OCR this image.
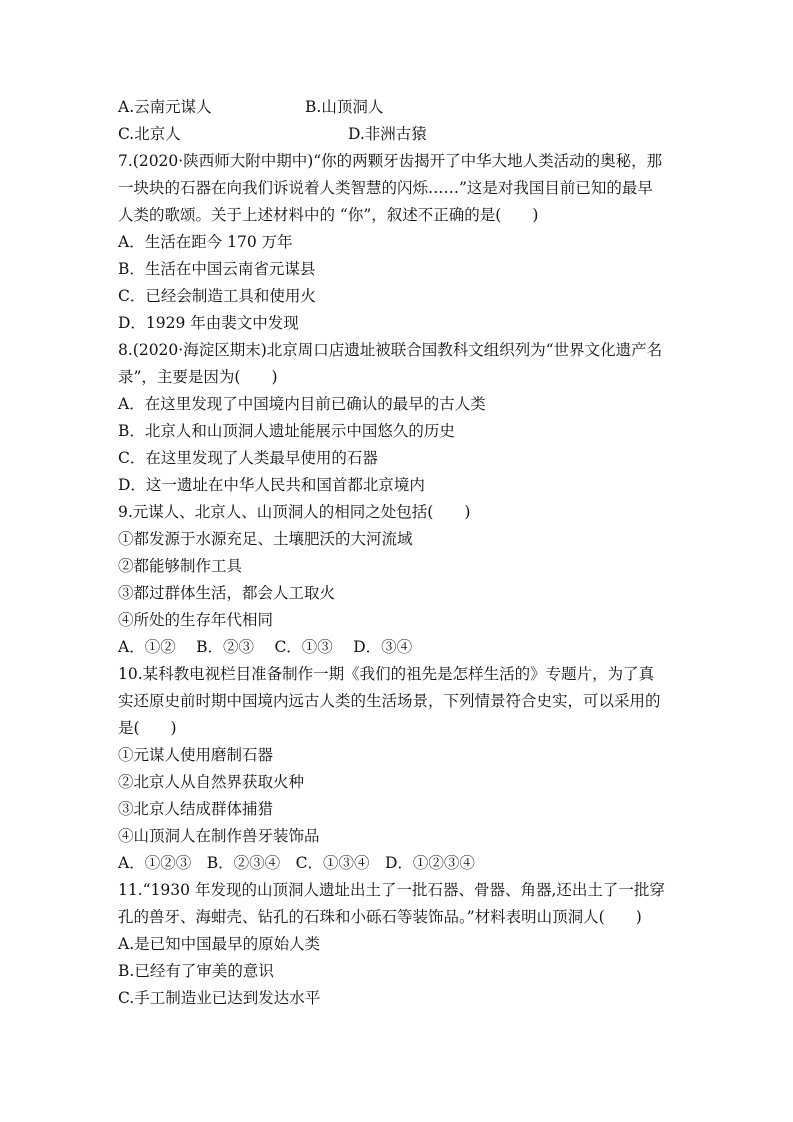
A.云南元谋人	B.山顶洞人
C.北京人	D.非洲古猿
7.(2020·陕西师大附中期中)“你的两颗牙齿揭开了中华大地人类活动的奥秘，那
一块块的石器在向我们诉说着人类智慧的闪烁……”这是对我国目前已知的最早
人类的歌颂。关于上述材料中的 “你”，叙述不正确的是(　　)
A．生活在距今 170 万年
B．生活在中国云南省元谋县
C．已经会制造工具和使用火
D．1929 年由裴文中发现
8.(2020·海淀区期末)北京周口店遗址被联合国教科文组织列为“世界文化遗产名
录”，主要是因为(　　)
A．在这里发现了中国境内目前已确认的最早的古人类
B．北京人和山顶洞人遗址能展示中国悠久的历史
C．在这里发现了人类最早使用的石器
D．这一遗址在中华人民共和国首都北京境内
9.元谋人、北京人、山顶洞人的相同之处包括(　　)
①都发源于水源充足、土壤肥沃的大河流域
②都能够制作工具
③都过群体生活，都会人工取火
④所处的生存年代相同
A．①②　 B．②③　 C．①③　 D．③④
10.某科教电视栏目准备制作一期《我们的祖先是怎样生活的》专题片，为了真
实还原史前时期中国境内远古人类的生活场景，下列情景符合史实，可以采用的
是(　　)
①元谋人使用磨制石器
②北京人从自然界获取火种
③北京人结成群体捕猎
④山顶洞人在制作兽牙装饰品
A．①②③　B．②③④　C．①③④　D．①②③④
11.“1930 年发现的山顶洞人遗址出土了一批石器、骨器、角器,还出土了一批穿
孔的兽牙、海蚶壳、钻孔的石珠和小砾石等装饰品。”材料表明山顶洞人(　　)
A.是已知中国最早的原始人类
B.已经有了审美的意识
C.手工制造业已达到发达水平
